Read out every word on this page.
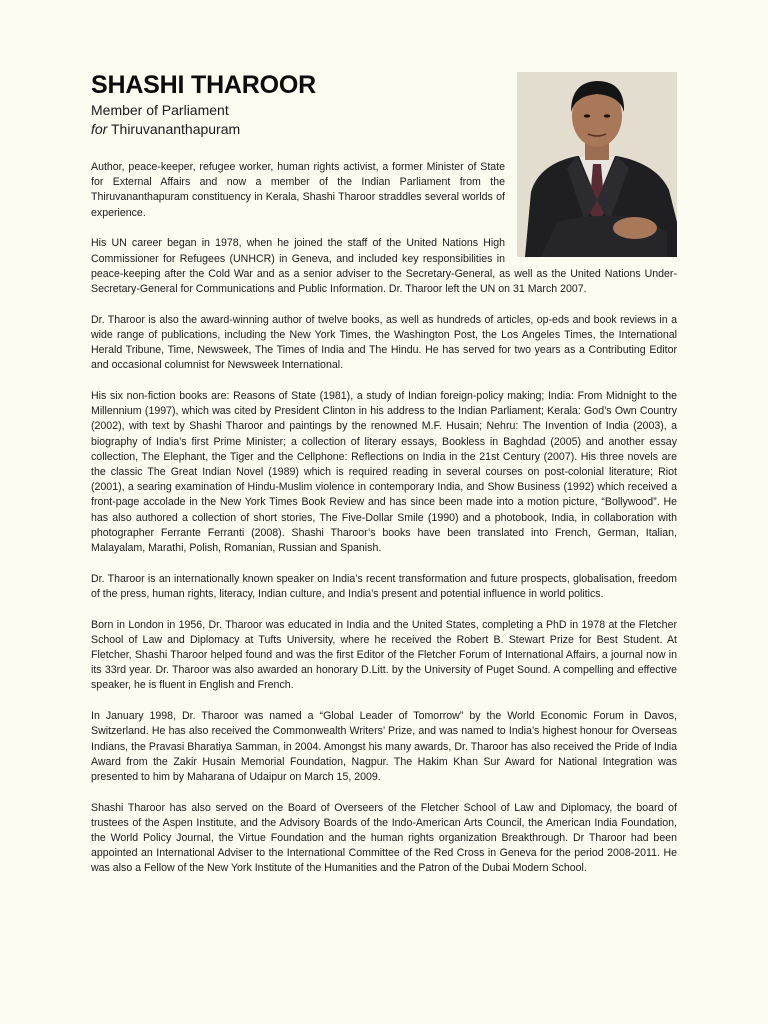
SHASHI THAROOR

Member of Parliament

for Thiruvananthapuram

Author, peace-keeper, refugee worker, human rights activist, a former Minister of State for External Affairs and now a member of the Indian Parliament from the Thiruvananthapuram constituency in Kerala, Shashi Tharoor straddles several worlds of experience.

His UN career began in 1978, when he joined the staff of the United Nations High Commissioner for Refugees (UNHCR) in Geneva, and included key responsibilities in peace-keeping after the Cold War and as a senior adviser to the Secretary-General, as well as the United Nations Under-Secretary-General for Communications and Public Information. Dr. Tharoor left the UN on 31 March 2007.

Dr. Tharoor is also the award-winning author of twelve books, as well as hundreds of articles, op-eds and book reviews in a wide range of publications, including the New York Times, the Washington Post, the Los Angeles Times, the International Herald Tribune, Time, Newsweek, The Times of India and The Hindu. He has served for two years as a Contributing Editor and occasional columnist for Newsweek International.

His six non-fiction books are: Reasons of State (1981), a study of Indian foreign-policy making; India: From Midnight to the Millennium (1997), which was cited by President Clinton in his address to the Indian Parliament; Kerala: God’s Own Country (2002), with text by Shashi Tharoor and paintings by the renowned M.F. Husain; Nehru: The Invention of India (2003), a biography of India’s first Prime Minister; a collection of literary essays, Bookless in Baghdad (2005) and another essay collection, The Elephant, the Tiger and the Cellphone: Reflections on India in the 21st Century (2007). His three novels are the classic The Great Indian Novel (1989) which is required reading in several courses on post-colonial literature; Riot (2001), a searing examination of Hindu-Muslim violence in contemporary India, and Show Business (1992) which received a front-page accolade in the New York Times Book Review and has since been made into a motion picture, “Bollywood”. He has also authored a collection of short stories, The Five-Dollar Smile (1990) and a photobook, India, in collaboration with photographer Ferrante Ferranti (2008). Shashi Tharoor’s books have been translated into French, German, Italian, Malayalam, Marathi, Polish, Romanian, Russian and Spanish.

Dr. Tharoor is an internationally known speaker on India’s recent transformation and future prospects, globalisation, freedom of the press, human rights, literacy, Indian culture, and India’s present and potential influence in world politics.

Born in London in 1956, Dr. Tharoor was educated in India and the United States, completing a PhD in 1978 at the Fletcher School of Law and Diplomacy at Tufts University, where he received the Robert B. Stewart Prize for Best Student. At Fletcher, Shashi Tharoor helped found and was the first Editor of the Fletcher Forum of International Affairs, a journal now in its 33rd year. Dr. Tharoor was also awarded an honorary D.Litt. by the University of Puget Sound. A compelling and effective speaker, he is fluent in English and French.

In January 1998, Dr. Tharoor was named a “Global Leader of Tomorrow” by the World Economic Forum in Davos, Switzerland. He has also received the Commonwealth Writers’ Prize, and was named to India’s highest honour for Overseas Indians, the Pravasi Bharatiya Samman, in 2004. Amongst his many awards, Dr. Tharoor has also received the Pride of India Award from the Zakir Husain Memorial Foundation, Nagpur. The Hakim Khan Sur Award for National Integration was presented to him by Maharana of Udaipur on March 15, 2009.

Shashi Tharoor has also served on the Board of Overseers of the Fletcher School of Law and Diplomacy, the board of trustees of the Aspen Institute, and the Advisory Boards of the Indo-American Arts Council, the American India Foundation, the World Policy Journal, the Virtue Foundation and the human rights organization Breakthrough. Dr Tharoor had been appointed an International Adviser to the International Committee of the Red Cross in Geneva for the period 2008-2011. He was also a Fellow of the New York Institute of the Humanities and the Patron of the Dubai Modern School.
